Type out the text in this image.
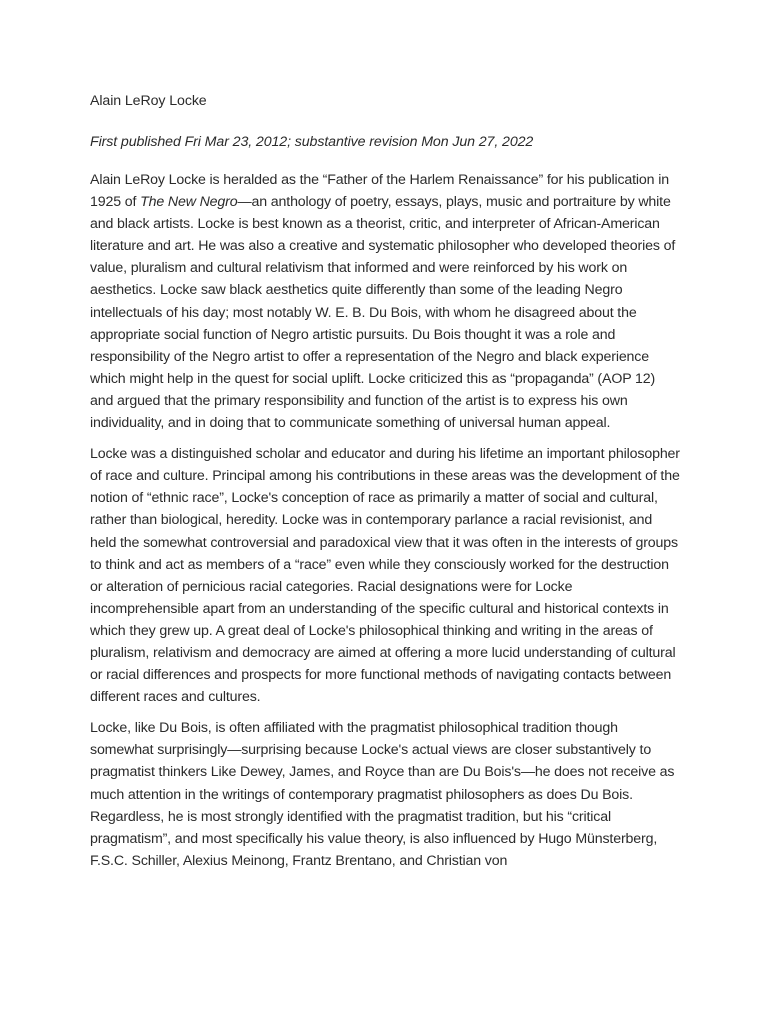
Alain LeRoy Locke
First published Fri Mar 23, 2012; substantive revision Mon Jun 27, 2022

Alain LeRoy Locke is heralded as the “Father of the Harlem Renaissance” for his publication in 1925 of The New Negro—an anthology of poetry, essays, plays, music and portraiture by white and black artists. Locke is best known as a theorist, critic, and interpreter of African-American literature and art. He was also a creative and systematic philosopher who developed theories of value, pluralism and cultural relativism that informed and were reinforced by his work on aesthetics. Locke saw black aesthetics quite differently than some of the leading Negro intellectuals of his day; most notably W. E. B. Du Bois, with whom he disagreed about the appropriate social function of Negro artistic pursuits. Du Bois thought it was a role and responsibility of the Negro artist to offer a representation of the Negro and black experience which might help in the quest for social uplift. Locke criticized this as “propaganda” (AOP 12) and argued that the primary responsibility and function of the artist is to express his own individuality, and in doing that to communicate something of universal human appeal.

Locke was a distinguished scholar and educator and during his lifetime an important philosopher of race and culture. Principal among his contributions in these areas was the development of the notion of “ethnic race”, Locke's conception of race as primarily a matter of social and cultural, rather than biological, heredity. Locke was in contemporary parlance a racial revisionist, and held the somewhat controversial and paradoxical view that it was often in the interests of groups to think and act as members of a “race” even while they consciously worked for the destruction or alteration of pernicious racial categories. Racial designations were for Locke incomprehensible apart from an understanding of the specific cultural and historical contexts in which they grew up. A great deal of Locke's philosophical thinking and writing in the areas of pluralism, relativism and democracy are aimed at offering a more lucid understanding of cultural or racial differences and prospects for more functional methods of navigating contacts between different races and cultures.

Locke, like Du Bois, is often affiliated with the pragmatist philosophical tradition though somewhat surprisingly—surprising because Locke's actual views are closer substantively to pragmatist thinkers Like Dewey, James, and Royce than are Du Bois's—he does not receive as much attention in the writings of contemporary pragmatist philosophers as does Du Bois. Regardless, he is most strongly identified with the pragmatist tradition, but his “critical pragmatism”, and most specifically his value theory, is also influenced by Hugo Münsterberg, F.S.C. Schiller, Alexius Meinong, Frantz Brentano, and Christian von
